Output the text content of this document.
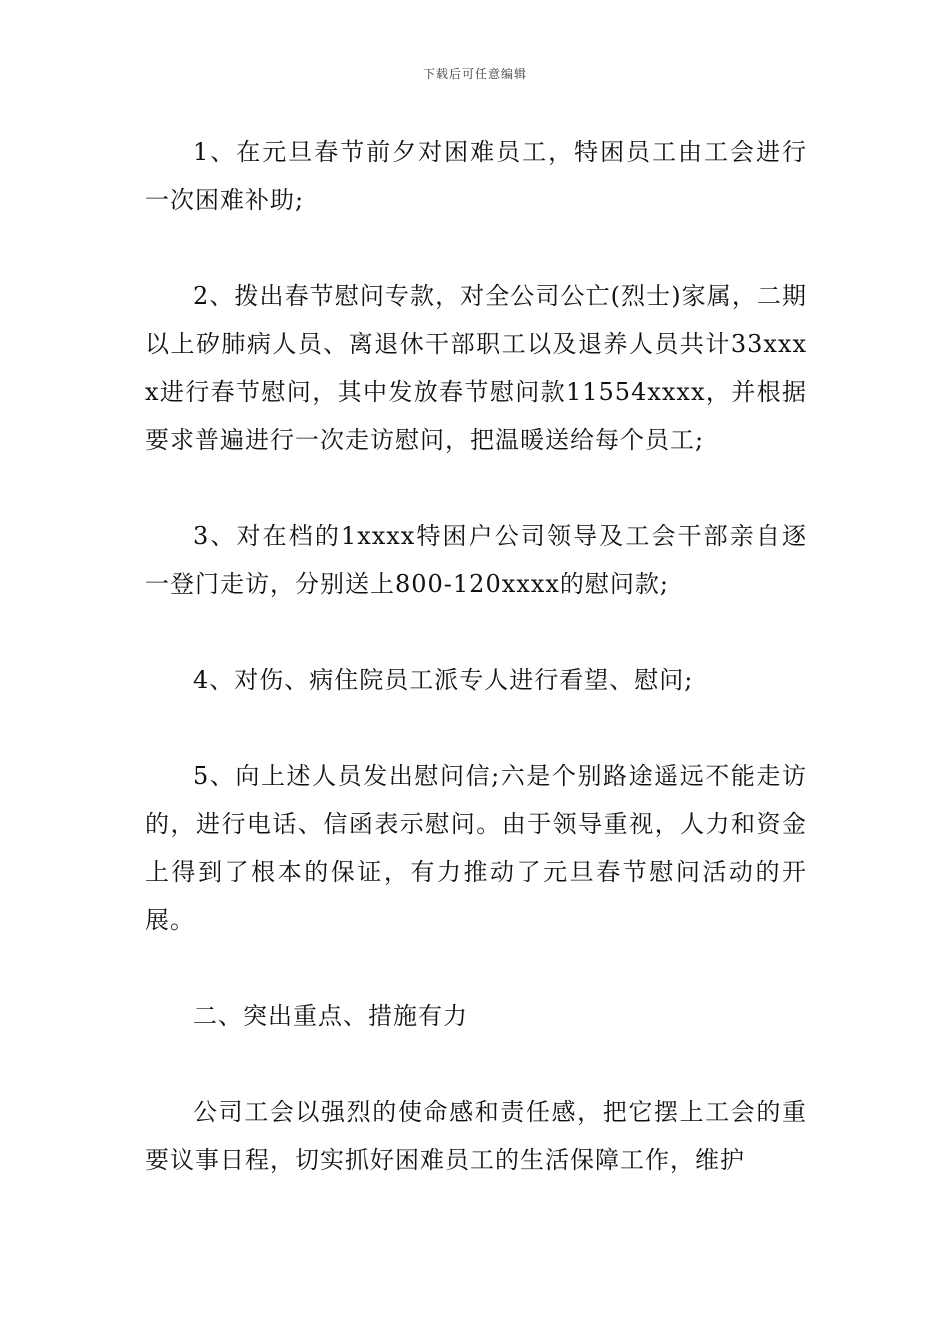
下载后可任意编辑

1、在元旦春节前夕对困难员工，特困员工由工会进行一次困难补助;

2、拨出春节慰问专款，对全公司公亡(烈士)家属，二期以上矽肺病人员、离退休干部职工以及退养人员共计33xxxx进行春节慰问，其中发放春节慰问款11554xxxx，并根据要求普遍进行一次走访慰问，把温暖送给每个员工;

3、对在档的1xxxx特困户公司领导及工会干部亲自逐一登门走访，分别送上800-120xxxx的慰问款;

4、对伤、病住院员工派专人进行看望、慰问;

5、向上述人员发出慰问信;六是个别路途遥远不能走访的，进行电话、信函表示慰问。由于领导重视，人力和资金上得到了根本的保证，有力推动了元旦春节慰问活动的开展。

二、突出重点、措施有力

公司工会以强烈的使命感和责任感，把它摆上工会的重要议事日程，切实抓好困难员工的生活保障工作，维护
